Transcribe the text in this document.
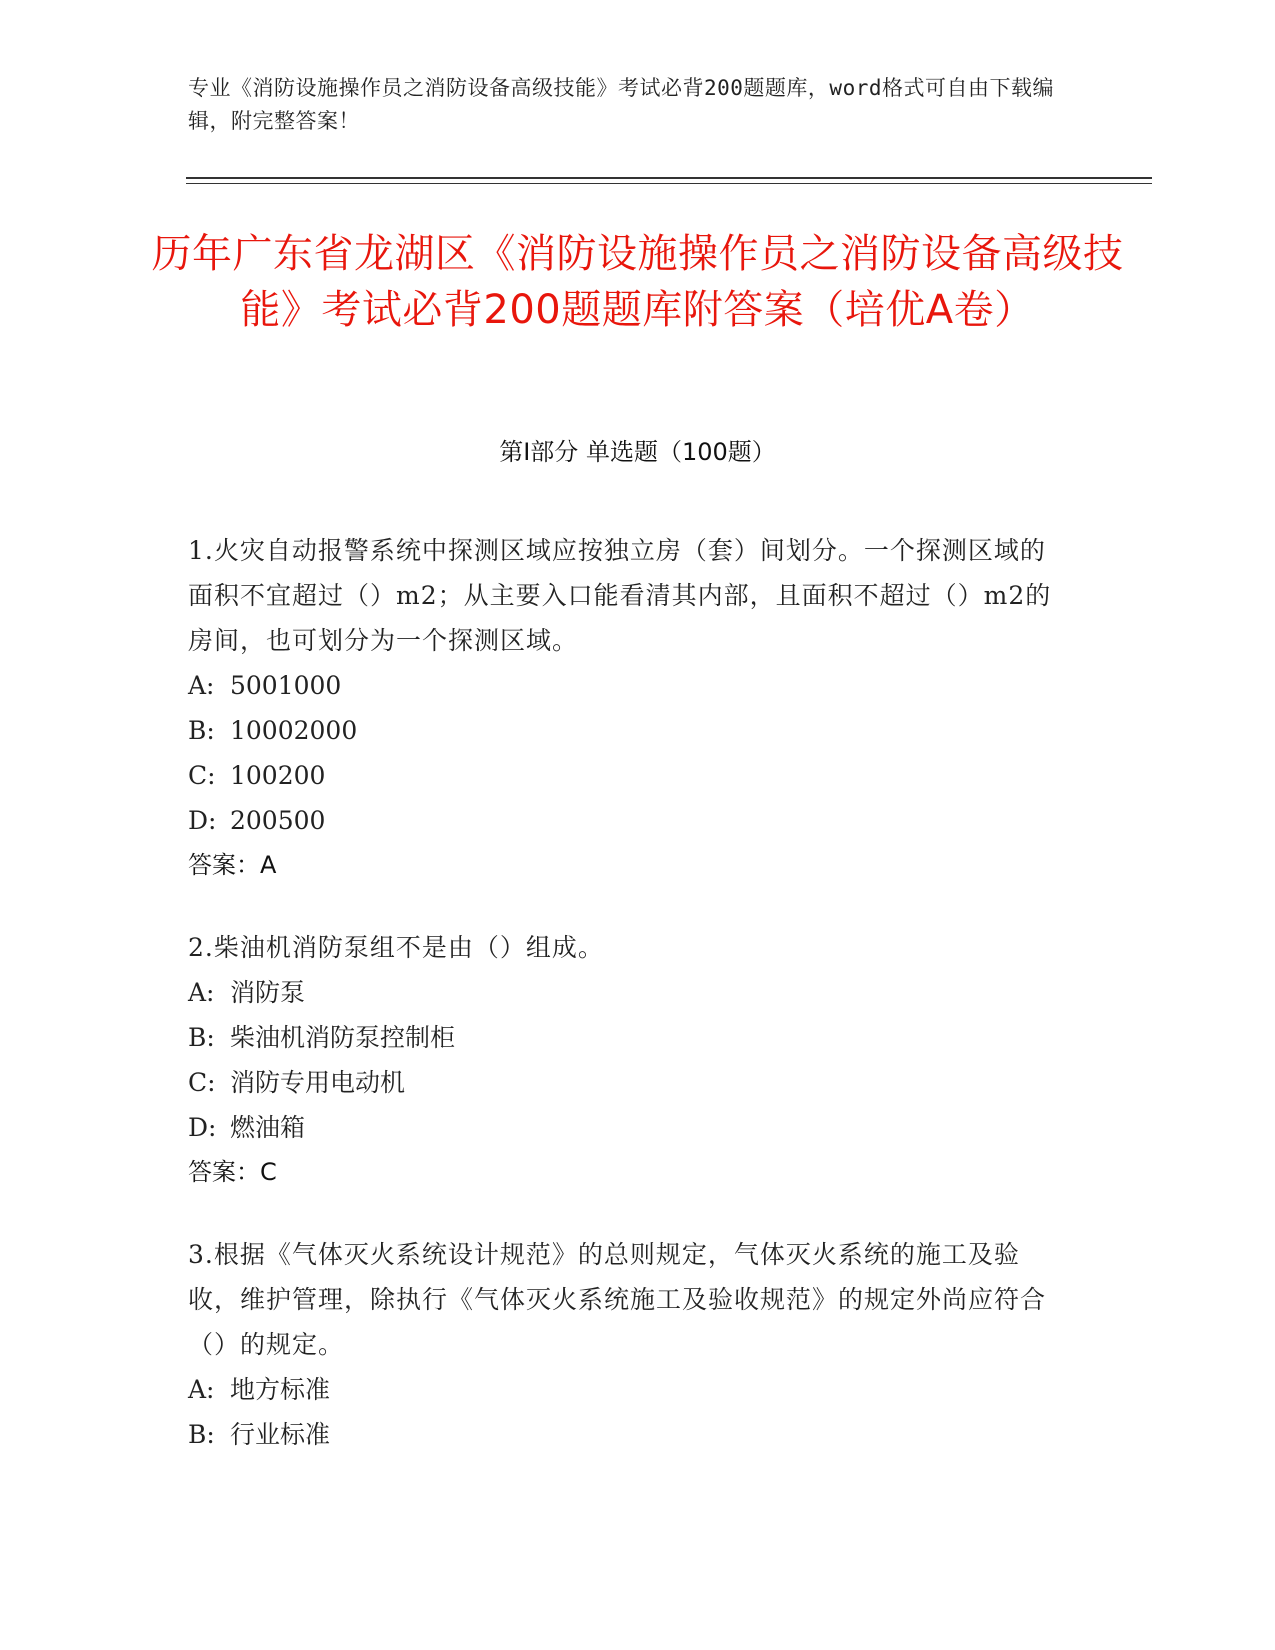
专业《消防设施操作员之消防设备高级技能》考试必背200题题库，word格式可自由下载编辑，附完整答案！
历年广东省龙湖区《消防设施操作员之消防设备高级技能》考试必背200题题库附答案（培优A卷）
第I部分 单选题（100题）
1.火灾自动报警系统中探测区域应按独立房（套）间划分。一个探测区域的面积不宜超过（）m2；从主要入口能看清其内部，且面积不超过（）m2的房间，也可划分为一个探测区域。
A: 5001000
B: 10002000
C: 100200
D: 200500
答案：A
2.柴油机消防泵组不是由（）组成。
A: 消防泵
B: 柴油机消防泵控制柜
C: 消防专用电动机
D: 燃油箱
答案：C
3.根据《气体灭火系统设计规范》的总则规定，气体灭火系统的施工及验收，维护管理，除执行《气体灭火系统施工及验收规范》的规定外尚应符合（）的规定。
A: 地方标准
B: 行业标准
